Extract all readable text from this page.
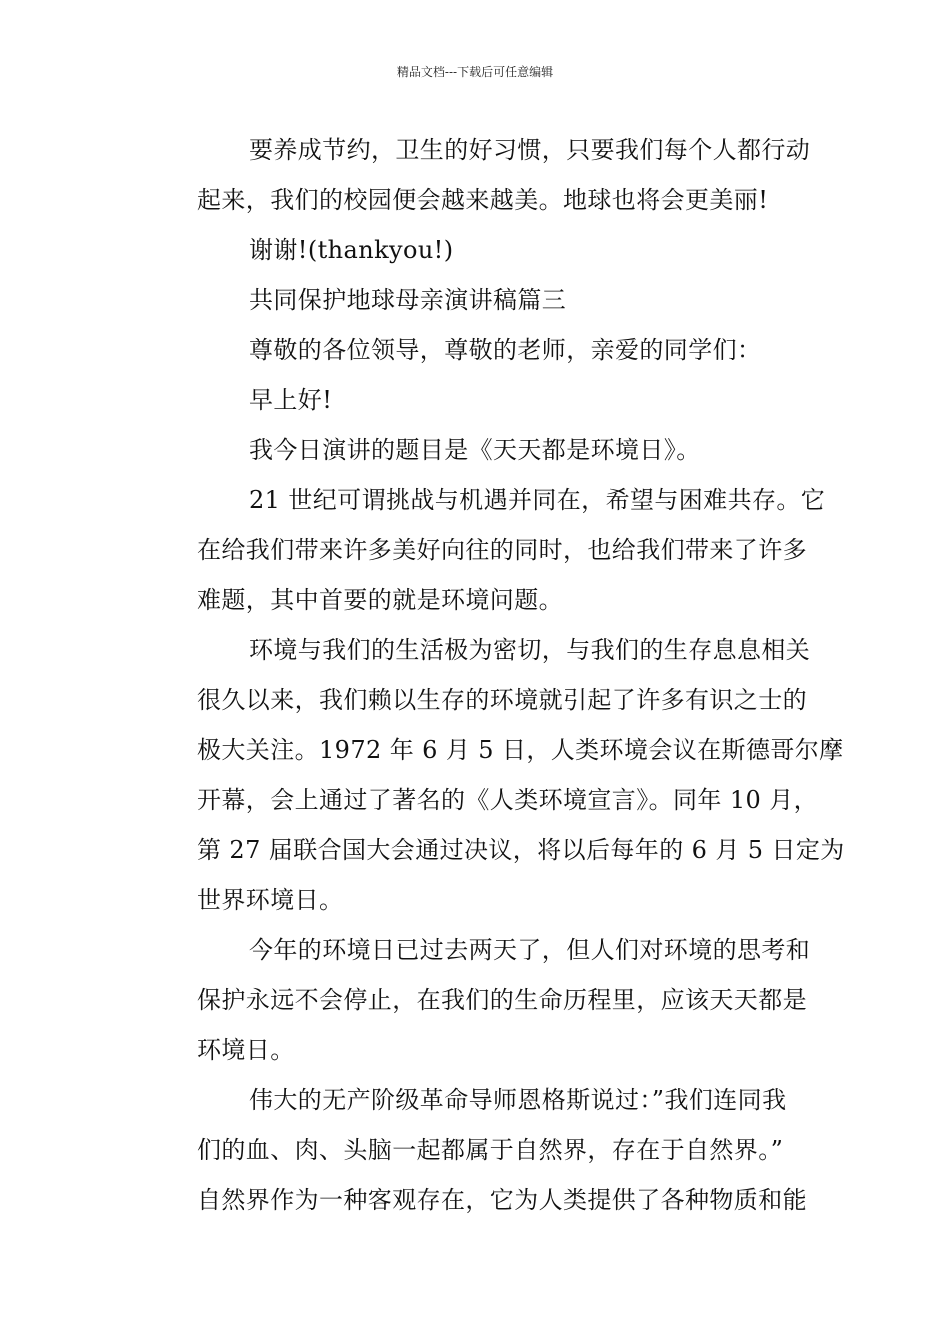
精品文档---下载后可任意编辑
要养成节约，卫生的好习惯，只要我们每个人都行动
起来，我们的校园便会越来越美。地球也将会更美丽!
谢谢!(thankyou!)
共同保护地球母亲演讲稿篇三
尊敬的各位领导，尊敬的老师，亲爱的同学们：
早上好!
我今日演讲的题目是《天天都是环境日》。
21 世纪可谓挑战与机遇并同在，希望与困难共存。它
在给我们带来许多美好向往的同时，也给我们带来了许多
难题，其中首要的就是环境问题。
环境与我们的生活极为密切，与我们的生存息息相关
很久以来，我们赖以生存的环境就引起了许多有识之士的
极大关注。1972 年 6 月 5 日，人类环境会议在斯德哥尔摩
开幕，会上通过了著名的《人类环境宣言》。同年 10 月，
第 27 届联合国大会通过决议，将以后每年的 6 月 5 日定为
世界环境日。
今年的环境日已过去两天了，但人们对环境的思考和
保护永远不会停止，在我们的生命历程里，应该天天都是
环境日。
伟大的无产阶级革命导师恩格斯说过：”我们连同我
们的血、肉、头脑一起都属于自然界，存在于自然界。”
自然界作为一种客观存在，它为人类提供了各种物质和能
